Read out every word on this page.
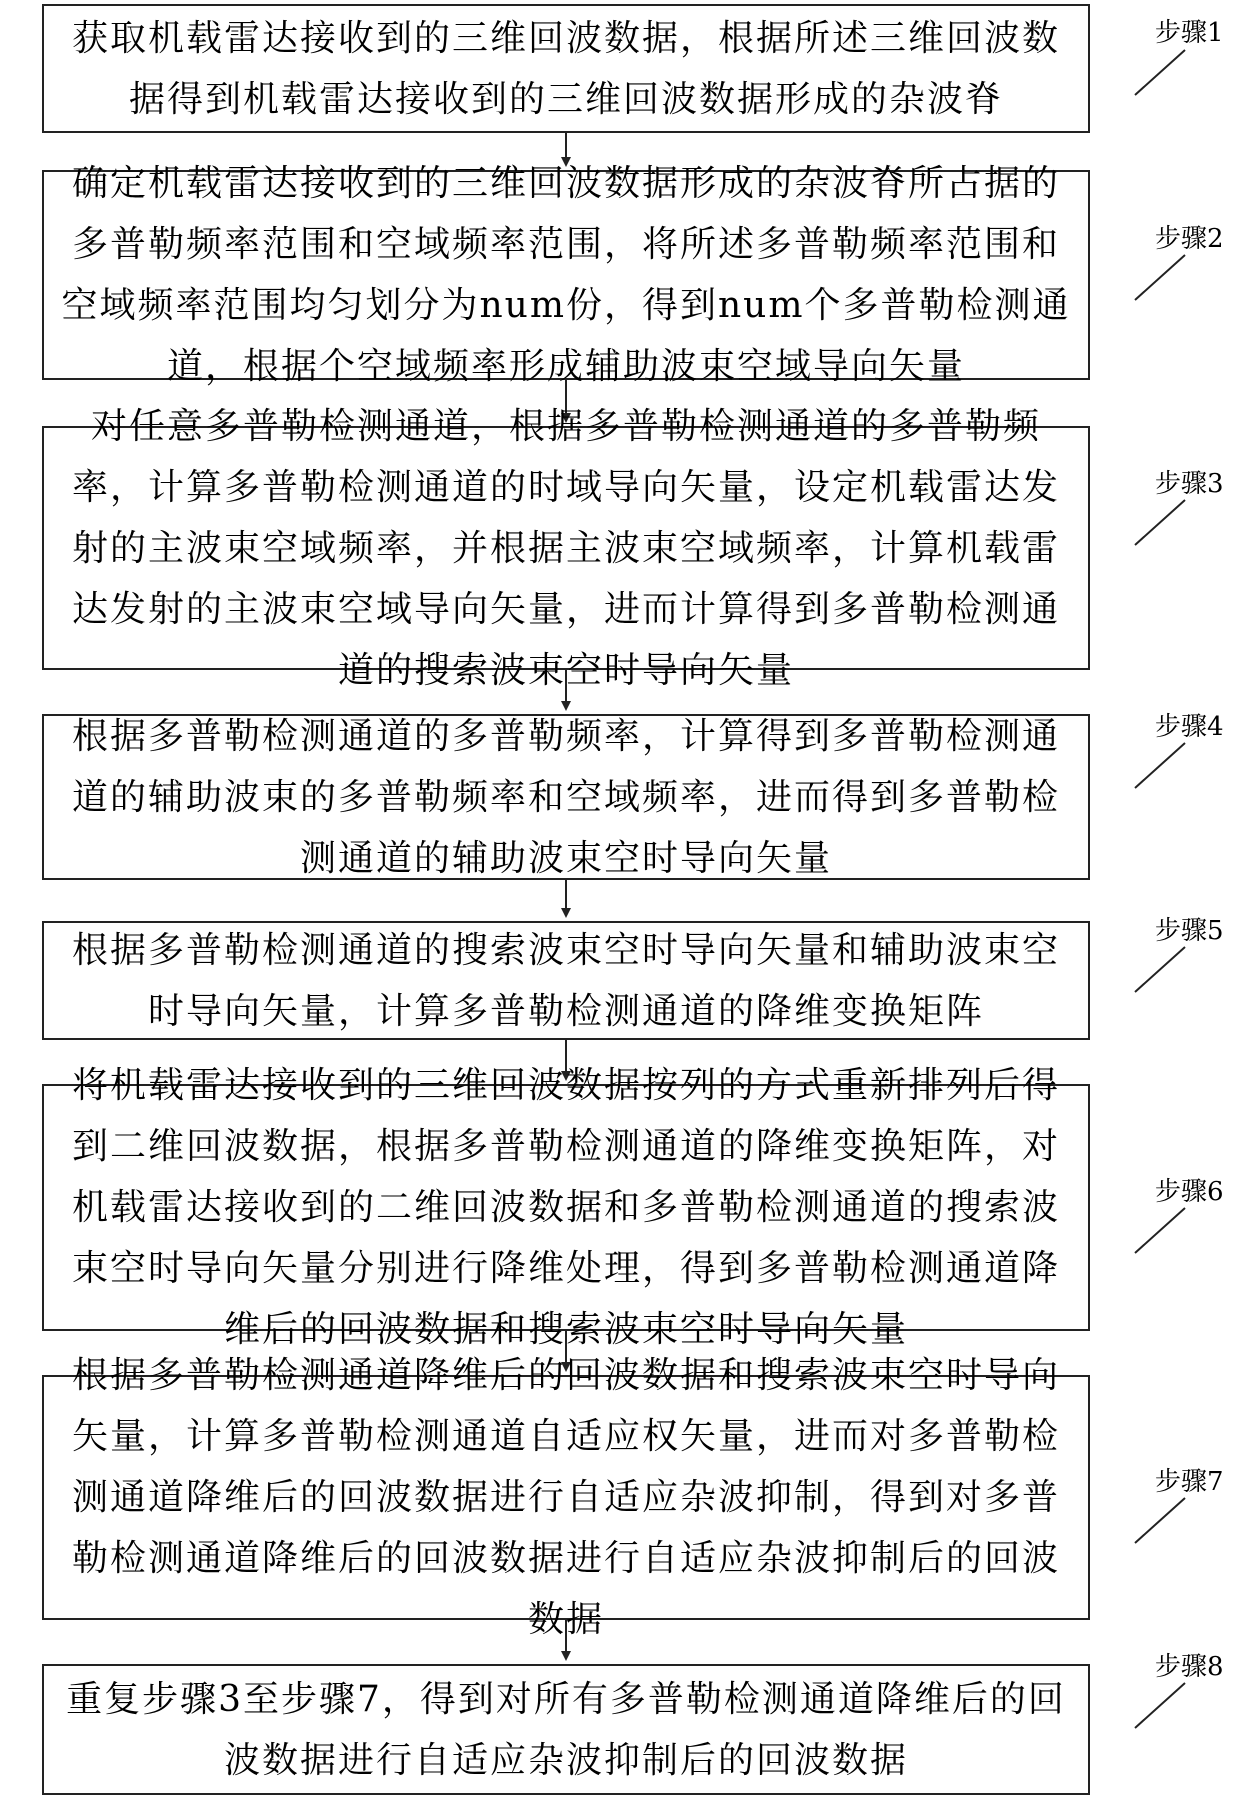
获取机载雷达接收到的三维回波数据，根据所述三维回波数据得到机载雷达接收到的三维回波数据形成的杂波脊
确定机载雷达接收到的三维回波数据形成的杂波脊所占据的多普勒频率范围和空域频率范围，将所述多普勒频率范围和空域频率范围均匀划分为num份，得到num个多普勒检测通道，根据个空域频率形成辅助波束空域导向矢量
对任意多普勒检测通道，根据多普勒检测通道的多普勒频率，计算多普勒检测通道的时域导向矢量，设定机载雷达发射的主波束空域频率，并根据主波束空域频率，计算机载雷达发射的主波束空域导向矢量，进而计算得到多普勒检测通道的搜索波束空时导向矢量
根据多普勒检测通道的多普勒频率，计算得到多普勒检测通道的辅助波束的多普勒频率和空域频率，进而得到多普勒检测通道的辅助波束空时导向矢量
根据多普勒检测通道的搜索波束空时导向矢量和辅助波束空时导向矢量，计算多普勒检测通道的降维变换矩阵
将机载雷达接收到的三维回波数据按列的方式重新排列后得到二维回波数据，根据多普勒检测通道的降维变换矩阵，对机载雷达接收到的二维回波数据和多普勒检测通道的搜索波束空时导向矢量分别进行降维处理，得到多普勒检测通道降维后的回波数据和搜索波束空时导向矢量
根据多普勒检测通道降维后的回波数据和搜索波束空时导向矢量，计算多普勒检测通道自适应权矢量，进而对多普勒检测通道降维后的回波数据进行自适应杂波抑制，得到对多普勒检测通道降维后的回波数据进行自适应杂波抑制后的回波数据
重复步骤3至步骤7，得到对所有多普勒检测通道降维后的回波数据进行自适应杂波抑制后的回波数据
步骤1
步骤2
步骤3
步骤4
步骤5
步骤6
步骤7
步骤8
